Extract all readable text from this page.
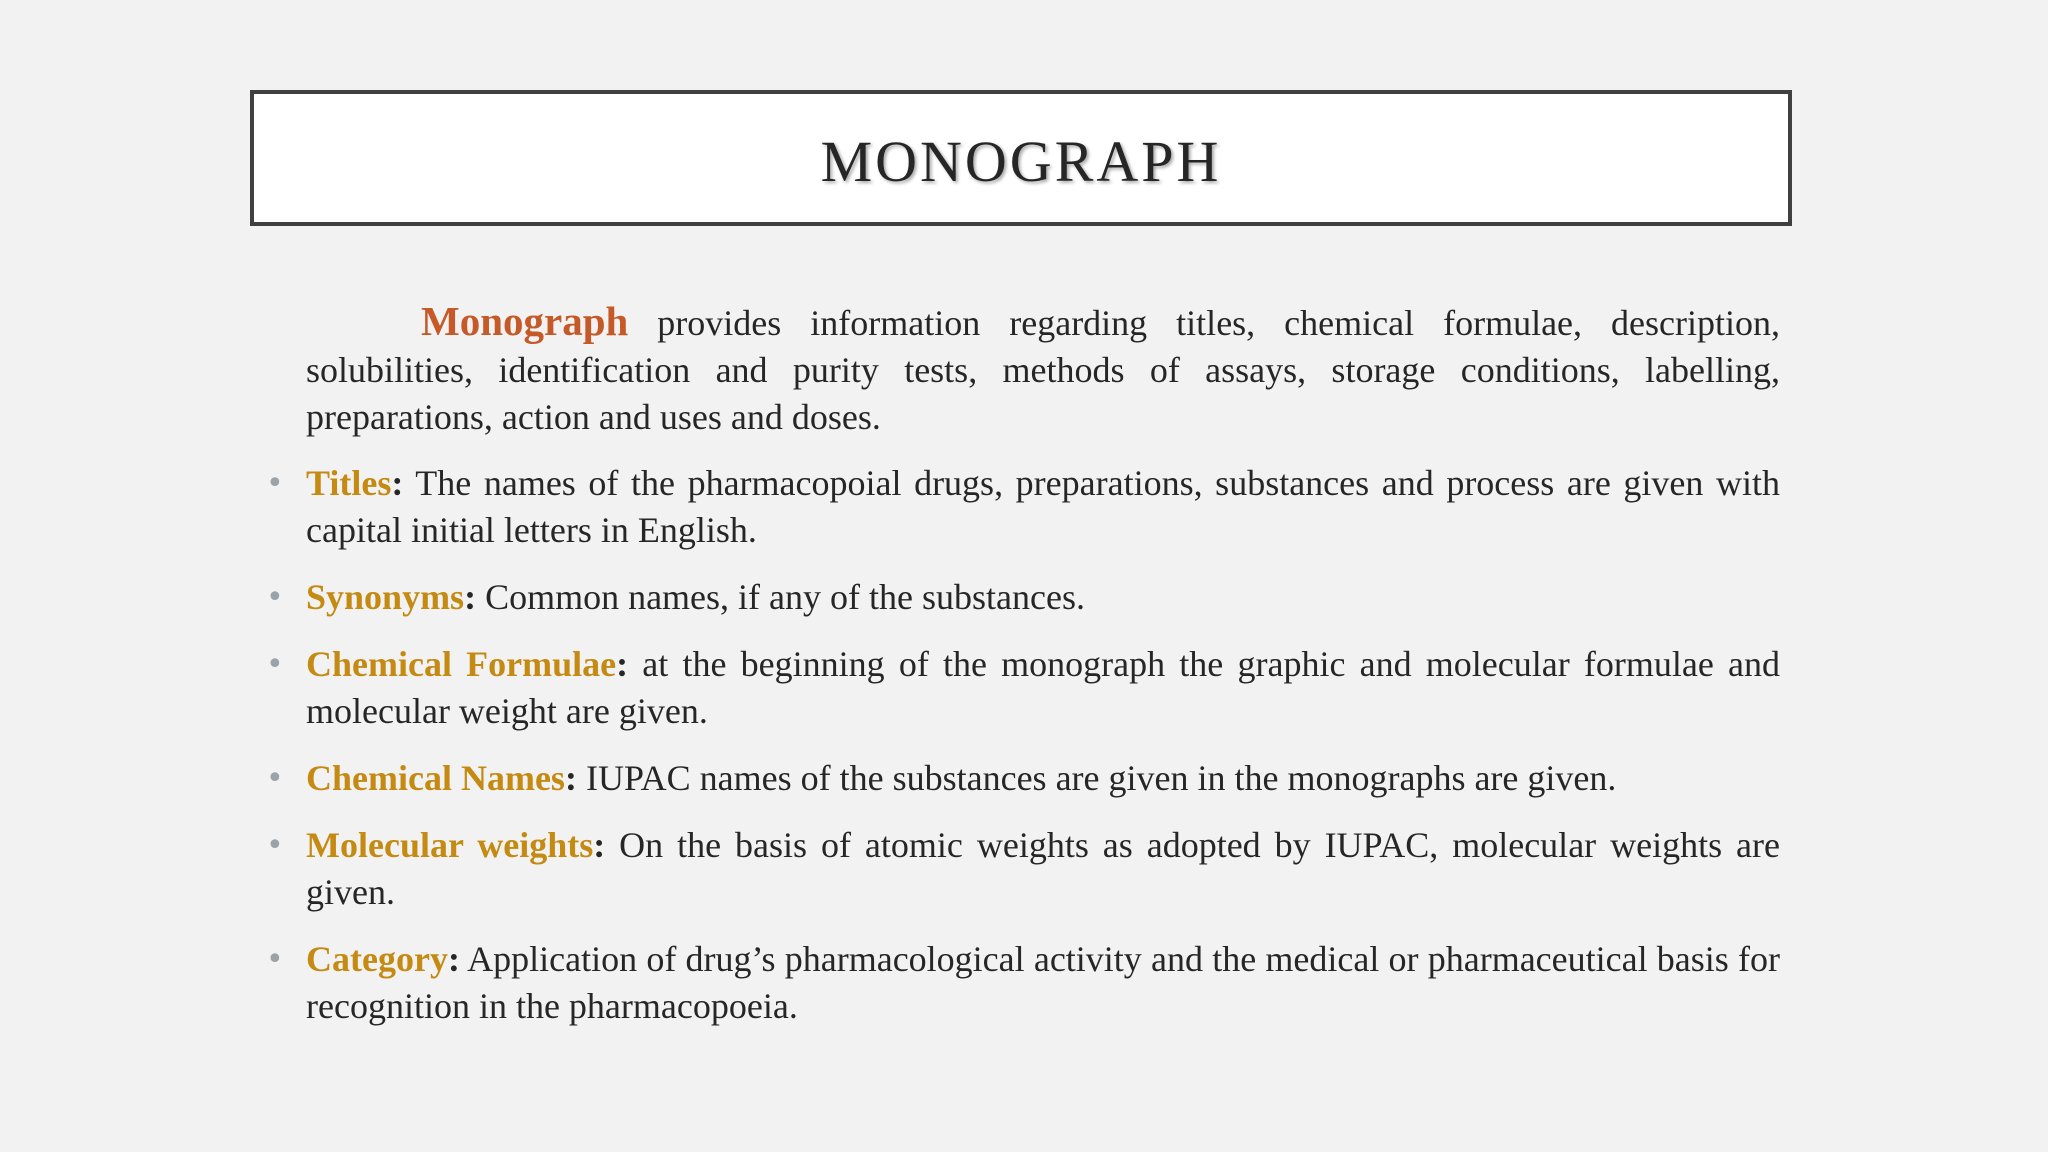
MONOGRAPH

Monograph provides information regarding titles, chemical formulae, description, solubilities, identification and purity tests, methods of assays, storage conditions, labelling, preparations, action and uses and doses.

• Titles: The names of the pharmacopoial drugs, preparations, substances and process are given with capital initial letters in English.
• Synonyms: Common names, if any of the substances.
• Chemical Formulae: at the beginning of the monograph the graphic and molecular formulae and molecular weight are given.
• Chemical Names: IUPAC names of the substances are given in the monographs are given.
• Molecular weights: On the basis of atomic weights as adopted by IUPAC, molecular weights are given.
• Category: Application of drug’s pharmacological activity and the medical or pharmaceutical basis for recognition in the pharmacopoeia.
